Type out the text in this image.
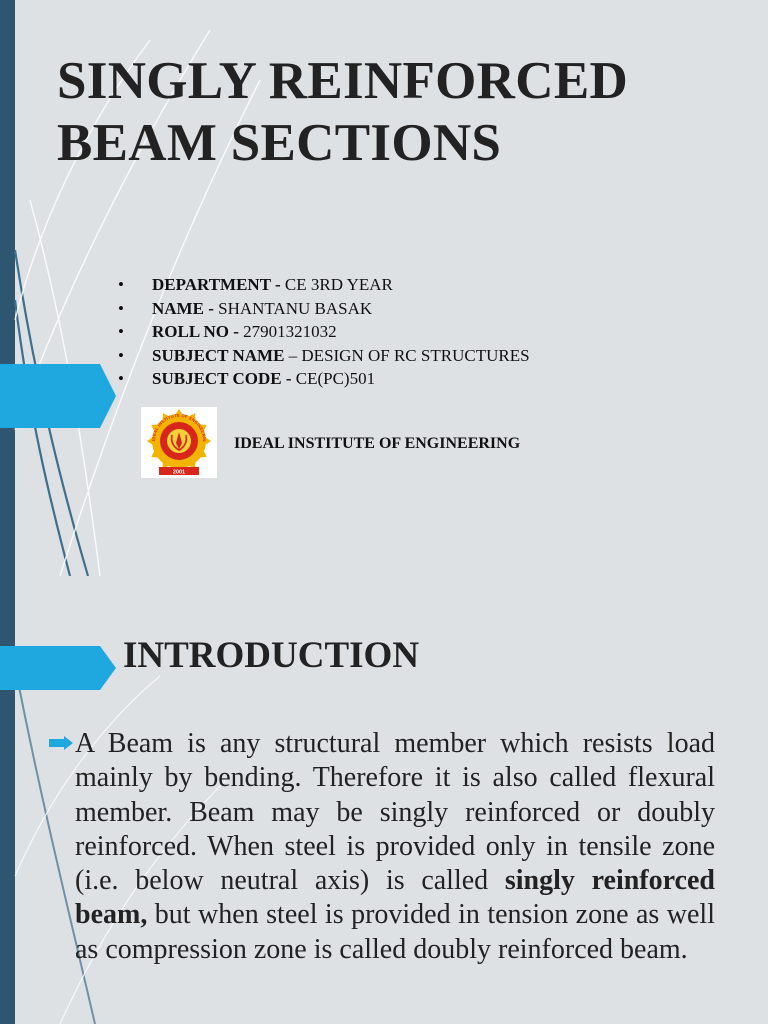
SINGLY REINFORCED BEAM SECTIONS
• DEPARTMENT - CE 3RD YEAR
• NAME - SHANTANU BASAK
• ROLL NO - 27901321032
• SUBJECT NAME – DESIGN OF RC STRUCTURES
• SUBJECT CODE - CE(PC)501
IDEAL INSTITUTE OF ENGINEERIN
2001
IDEAL INSTITUTE OF ENGINEERING
INTRODUCTION

A Beam is any structural member which resists load mainly by bending. Therefore it is also called flexural member. Beam may be singly reinforced or doubly reinforced. When steel is provided only in tensile zone (i.e. below neutral axis) is called singly reinforced beam, but when steel is provided in tension zone as well as compression zone is called doubly reinforced beam.
